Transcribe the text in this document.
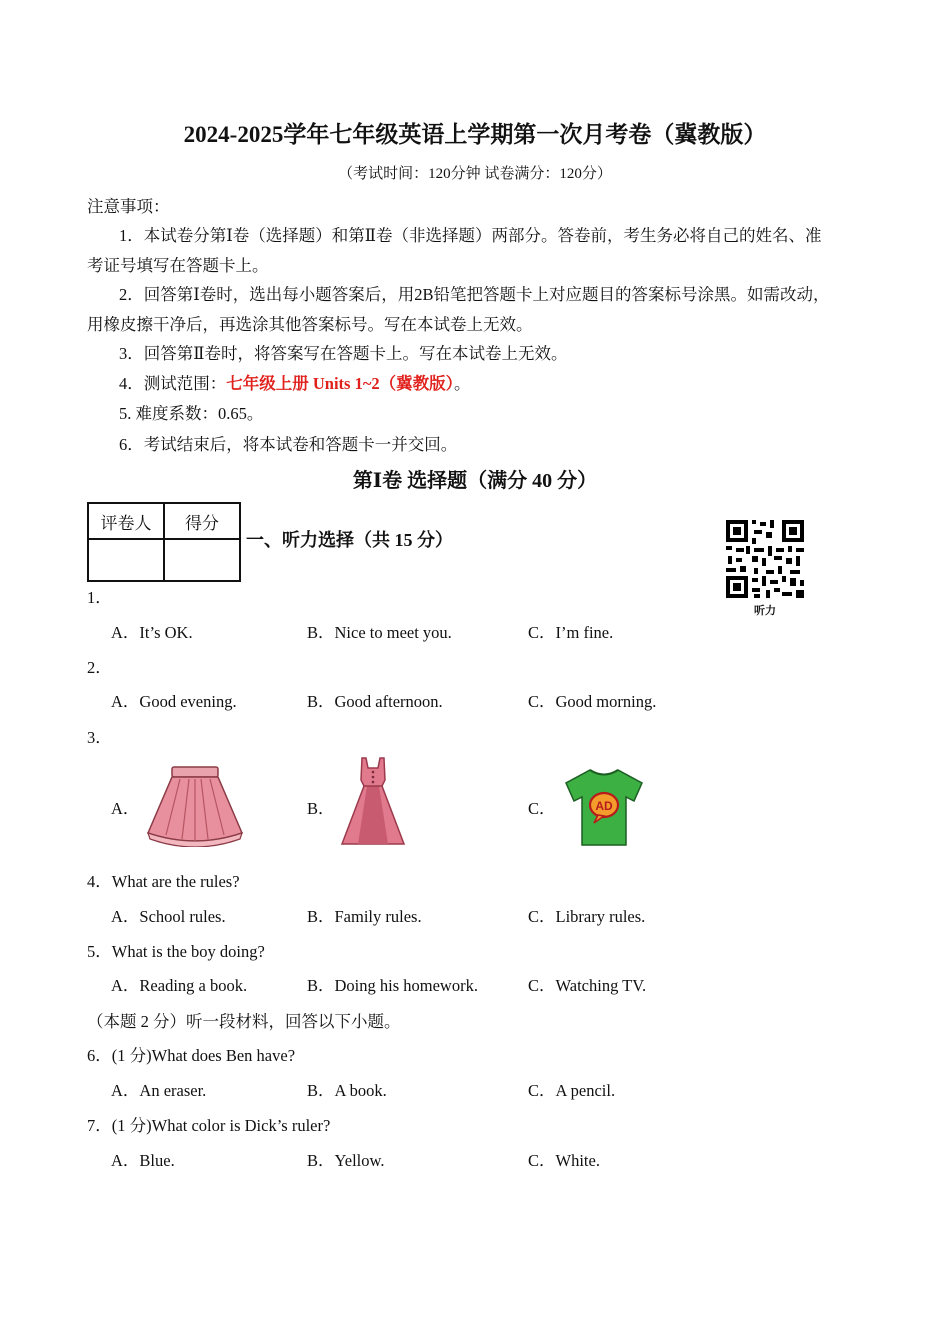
2024-2025学年七年级英语上学期第一次月考卷（冀教版）
（考试时间：120分钟 试卷满分：120分）
注意事项：
1．本试卷分第Ⅰ卷（选择题）和第Ⅱ卷（非选择题）两部分。答卷前，考生务必将自己的姓名、准
考证号填写在答题卡上。
2．回答第Ⅰ卷时，选出每小题答案后，用2B铅笔把答题卡上对应题目的答案标号涂黑。如需改动，
用橡皮擦干净后，再选涂其他答案标号。写在本试卷上无效。
3．回答第Ⅱ卷时，将答案写在答题卡上。写在本试卷上无效。
4．测试范围：七年级上册 Units 1~2（冀教版）。
5. 难度系数：0.65。
6．考试结束后，将本试卷和答题卡一并交回。
第Ⅰ卷 选择题（满分 40 分）
评卷人	得分

一、听力选择（共 15 分）
听力
1．
A．It’s OK.	B．Nice to meet you.	C．I’m fine.
2．
A．Good evening.	B．Good afternoon.	C．Good morning.
3．
A．	B．	C．	AD
4．What are the rules?
A．School rules.	B．Family rules.	C．Library rules.
5．What is the boy doing?
A．Reading a book.	B．Doing his homework.	C．Watching TV.
（本题 2 分）听一段材料，回答以下小题。
6．(1 分)What does Ben have?
A．An eraser.	B．A book.	C．A pencil.
7．(1 分)What color is Dick’s ruler?
A．Blue.	B．Yellow.	C．White.
